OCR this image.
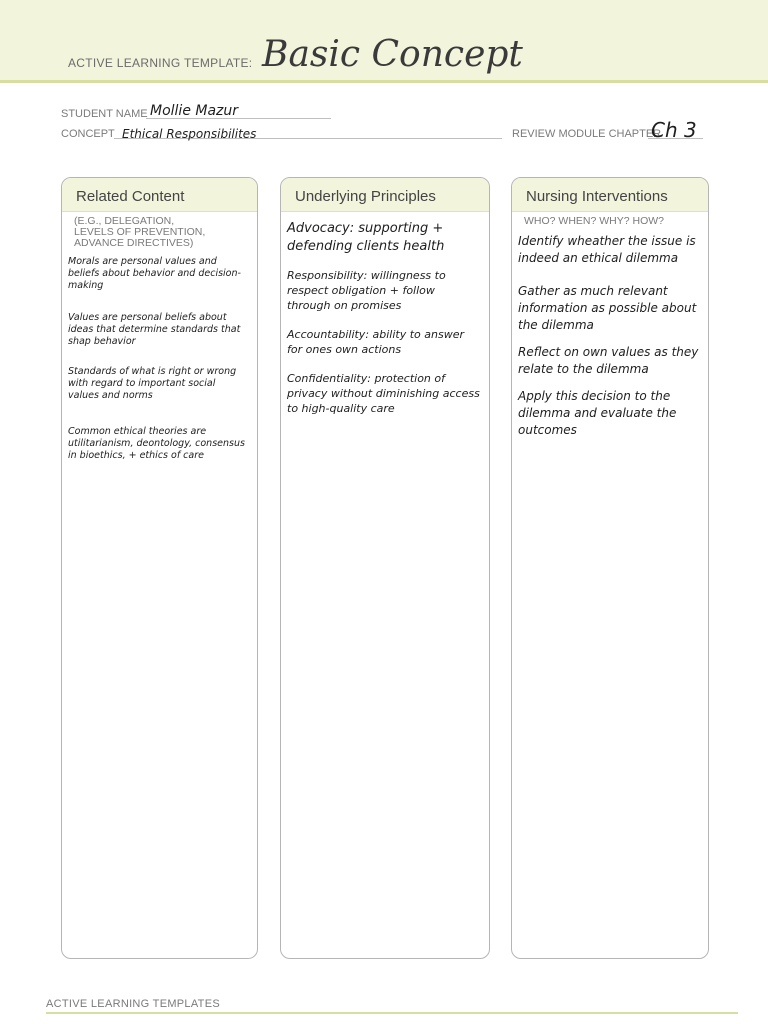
ACTIVE LEARNING TEMPLATE: Basic Concept
STUDENT NAME Mollie Mazur
CONCEPT Ethical Responsibilites	REVIEW MODULE CHAPTER
Ch 3
Related Content
(E.G., DELEGATION,
LEVELS OF PREVENTION,
ADVANCE DIRECTIVES)
Morals are personal values and beliefs about behavior and decision-making
Values are personal beliefs about ideas that determine standards that shap behavior
Standards of what is right or wrong with regard to important social values and norms
Common ethical theories are utilitarianism, deontology, consensus in bioethics, + ethics of care
Underlying Principles
Advocacy: supporting + defending clients health
Responsibility: willingness to respect obligation + follow through on promises
Accountability: ability to answer for ones own actions
Confidentiality: protection of privacy without diminishing access to high-quality care
Nursing Interventions
WHO? WHEN? WHY? HOW?
Identify wheather the issue is indeed an ethical dilemma
Gather as much relevant information as possible about the dilemma
Reflect on own values as they relate to the dilemma
Apply this decision to the dilemma and evaluate the outcomes
ACTIVE LEARNING TEMPLATES
